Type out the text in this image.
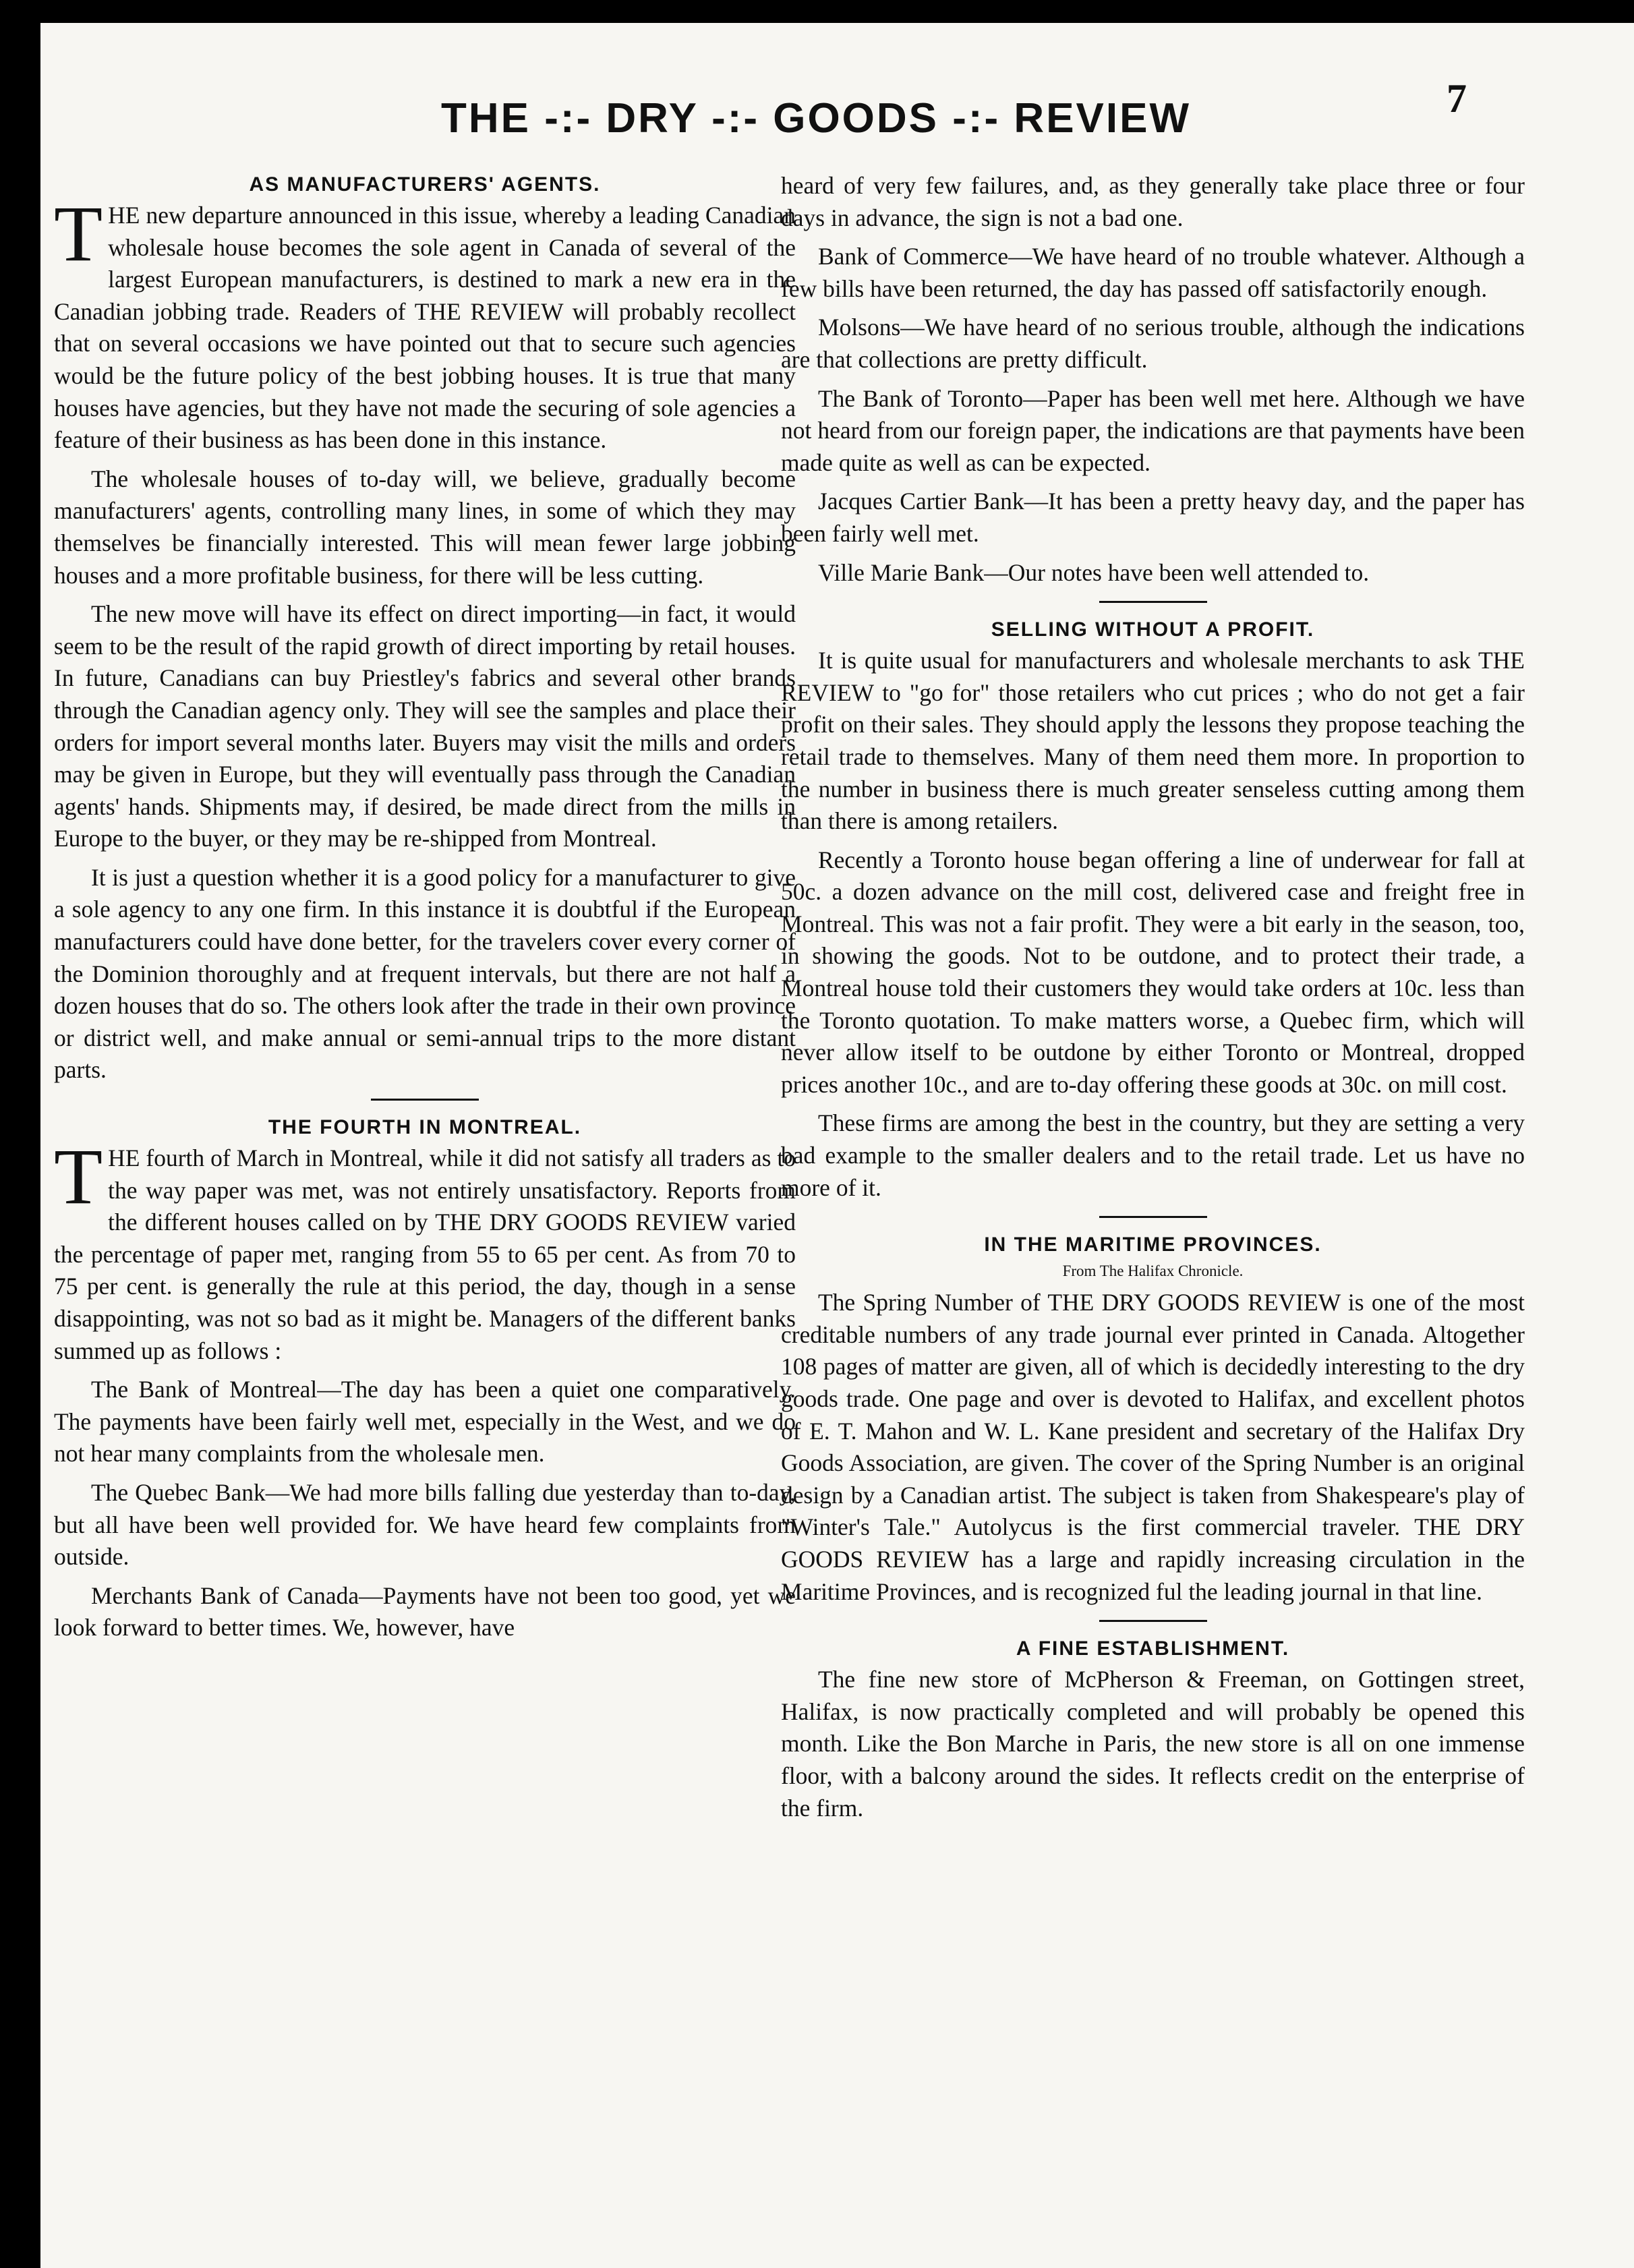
THE -:- DRY -:- GOODS -:- REVIEW	7
AS MANUFACTURERS' AGENTS.

THE new departure announced in this issue, whereby a leading Canadian wholesale house becomes the sole agent in Canada of several of the largest European manufacturers, is destined to mark a new era in the Canadian jobbing trade. Readers of THE REVIEW will probably recollect that on several occasions we have pointed out that to secure such agencies would be the future policy of the best jobbing houses. It is true that many houses have agencies, but they have not made the securing of sole agencies a feature of their business as has been done in this instance.

The wholesale houses of to-day will, we believe, gradually become manufacturers' agents, controlling many lines, in some of which they may themselves be financially interested. This will mean fewer large jobbing houses and a more profitable business, for there will be less cutting.

The new move will have its effect on direct importing—in fact, it would seem to be the result of the rapid growth of direct importing by retail houses. In future, Canadians can buy Priestley's fabrics and several other brands through the Canadian agency only. They will see the samples and place their orders for import several months later. Buyers may visit the mills and orders may be given in Europe, but they will eventually pass through the Canadian agents' hands. Shipments may, if desired, be made direct from the mills in Europe to the buyer, or they may be re-shipped from Montreal.

It is just a question whether it is a good policy for a manufacturer to give a sole agency to any one firm. In this instance it is doubtful if the European manufacturers could have done better, for the travelers cover every corner of the Dominion thoroughly and at frequent intervals, but there are not half a dozen houses that do so. The others look after the trade in their own province or district well, and make annual or semi-annual trips to the more distant parts.

THE FOURTH IN MONTREAL.

THE fourth of March in Montreal, while it did not satisfy all traders as to the way paper was met, was not entirely unsatisfactory. Reports from the different houses called on by THE DRY GOODS REVIEW varied the percentage of paper met, ranging from 55 to 65 per cent. As from 70 to 75 per cent. is generally the rule at this period, the day, though in a sense disappointing, was not so bad as it might be. Managers of the different banks summed up as follows :

The Bank of Montreal—The day has been a quiet one comparatively. The payments have been fairly well met, especially in the West, and we do not hear many complaints from the wholesale men.

The Quebec Bank—We had more bills falling due yesterday than to-day, but all have been well provided for. We have heard few complaints from outside.

Merchants Bank of Canada—Payments have not been too good, yet we look forward to better times. We, however, have

heard of very few failures, and, as they generally take place three or four days in advance, the sign is not a bad one.

Bank of Commerce—We have heard of no trouble whatever. Although a few bills have been returned, the day has passed off satisfactorily enough.

Molsons—We have heard of no serious trouble, although the indications are that collections are pretty difficult.

The Bank of Toronto—Paper has been well met here. Although we have not heard from our foreign paper, the indications are that payments have been made quite as well as can be expected.

Jacques Cartier Bank—It has been a pretty heavy day, and the paper has been fairly well met.

Ville Marie Bank—Our notes have been well attended to.

SELLING WITHOUT A PROFIT.

It is quite usual for manufacturers and wholesale merchants to ask THE REVIEW to "go for" those retailers who cut prices ; who do not get a fair profit on their sales. They should apply the lessons they propose teaching the retail trade to themselves. Many of them need them more. In proportion to the number in business there is much greater senseless cutting among them than there is among retailers.

Recently a Toronto house began offering a line of underwear for fall at 50c. a dozen advance on the mill cost, delivered case and freight free in Montreal. This was not a fair profit. They were a bit early in the season, too, in showing the goods. Not to be outdone, and to protect their trade, a Montreal house told their customers they would take orders at 10c. less than the Toronto quotation. To make matters worse, a Quebec firm, which will never allow itself to be outdone by either Toronto or Montreal, dropped prices another 10c., and are to-day offering these goods at 30c. on mill cost.

These firms are among the best in the country, but they are setting a very bad example to the smaller dealers and to the retail trade. Let us have no more of it.

IN THE MARITIME PROVINCES.
From The Halifax Chronicle.

The Spring Number of THE DRY GOODS REVIEW is one of the most creditable numbers of any trade journal ever printed in Canada. Altogether 108 pages of matter are given, all of which is decidedly interesting to the dry goods trade. One page and over is devoted to Halifax, and excellent photos of E. T. Mahon and W. L. Kane president and secretary of the Halifax Dry Goods Association, are given. The cover of the Spring Number is an original design by a Canadian artist. The subject is taken from Shakespeare's play of "Winter's Tale." Autolycus is the first commercial traveler. THE DRY GOODS REVIEW has a large and rapidly increasing circulation in the Maritime Provinces, and is recognized ful the leading journal in that line.

A FINE ESTABLISHMENT.

The fine new store of McPherson & Freeman, on Gottingen street, Halifax, is now practically completed and will probably be opened this month. Like the Bon Marche in Paris, the new store is all on one immense floor, with a balcony around the sides. It reflects credit on the enterprise of the firm.
